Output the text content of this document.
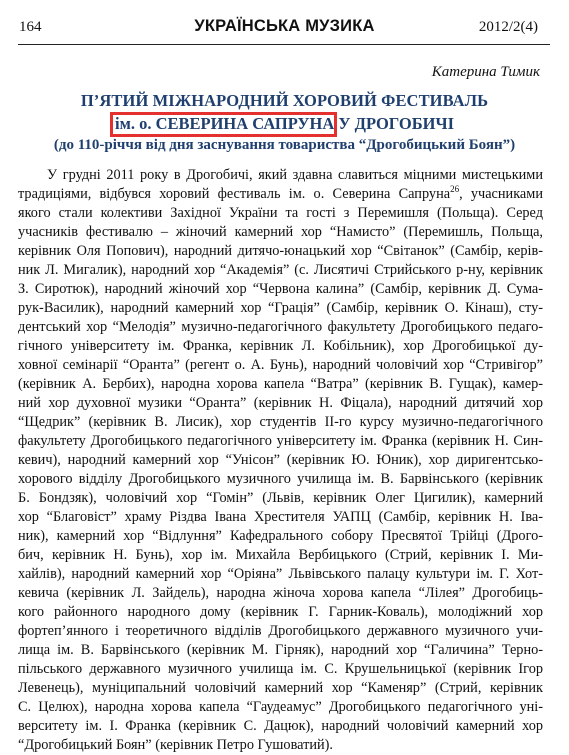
164	УКРАЇНСЬКА МУЗИКА	2012/2(4)
Катерина Тимик
П’ЯТИЙ МІЖНАРОДНИЙ ХОРОВИЙ ФЕСТИВАЛЬ
ім. о. СЕВЕРИНА САПРУНА
У ДРОГОБИЧІ
(до 110-річчя від дня заснування товариства “Дрогобицький Боян”)
У грудні 2011 року в Дрогобичі, який здавна славиться міцними мистецькими
традиціями, відбувся хоровий фестиваль ім. о. Северина Сапруна$^{26}$, учасниками
якого стали колективи Західної України та гості з Перемишля (Польща). Серед
учасників фестивалю – жіночий камерний хор “Намисто” (Перемишль, Польща,
керівник Оля Попович), народний дитячо-юнацький хор “Світанок” (Самбір, керів-
ник Л. Мигалик), народний хор “Академія” (с. Лисятичі Стрийського р-ну, керівник
З. Сиротюк), народний жіночий хор “Червона калина” (Самбір, керівник Д. Сума-
рук-Василик), народний камерний хор “Грація” (Самбір, керівник О. Кінаш), сту-
дентський хор “Мелодія” музично-педагогічного факультету Дрогобицького педаго-
гічного університету ім. Франка, керівник Л. Кобільник), хор Дрогобицької ду-
ховної семінарії “Оранта” (регент о. А. Бунь), народний чоловічий хор “Стривігор”
(керівник А. Бербих), народна хорова капела “Ватра” (керівник В. Гущак), камер-
ний хор духовної музики “Оранта” (керівник Н. Фіцала), народний дитячий хор
“Щедрик” (керівник В. Лисик), хор студентів ІІ-го курсу музично-педагогічного
факультету Дрогобицького педагогічного університету ім. Франка (керівник Н. Син-
кевич), народний камерний хор “Унісон” (керівник Ю. Юник), хор диригентсько-
хорового відділу Дрогобицького музичного училища ім. В. Барвінського (керівник
Б. Бондзяк), чоловічий хор “Гомін” (Львів, керівник Олег Цигилик), камерний
хор “Благовіст” храму Різдва Івана Хрестителя УАПЦ (Самбір, керівник Н. Іва-
ник), камерний хор “Відлуння” Кафедрального собору Пресвятої Трійці (Дрого-
бич, керівник Н. Бунь), хор ім. Михайла Вербицького (Стрий, керівник І. Ми-
хайлів), народний камерний хор “Оріяна” Львівського палацу культури ім. Г. Хот-
кевича (керівник Л. Зайдель), народна жіноча хорова капела “Лілея” Дрогобиць-
кого районного народного дому (керівник Г. Гарник-Коваль), молодіжний хор
фортеп’янного і теоретичного відділів Дрогобицького державного музичного учи-
лища ім. В. Барвінського (керівник М. Гірняк), народний хор “Галичина” Терно-
пільського державного музичного училища ім. С. Крушельницької (керівник Ігор
Левенець), муніципальний чоловічий камерний хор “Каменяр” (Стрий, керівник
С. Целюх), народна хорова капела “Гаудеамус” Дрогобицького педагогічного уні-
верситету ім. І. Франка (керівник С. Дацюк), народний чоловічий камерний хор
“Дрогобицький Боян” (керівник Петро Гушоватий).
